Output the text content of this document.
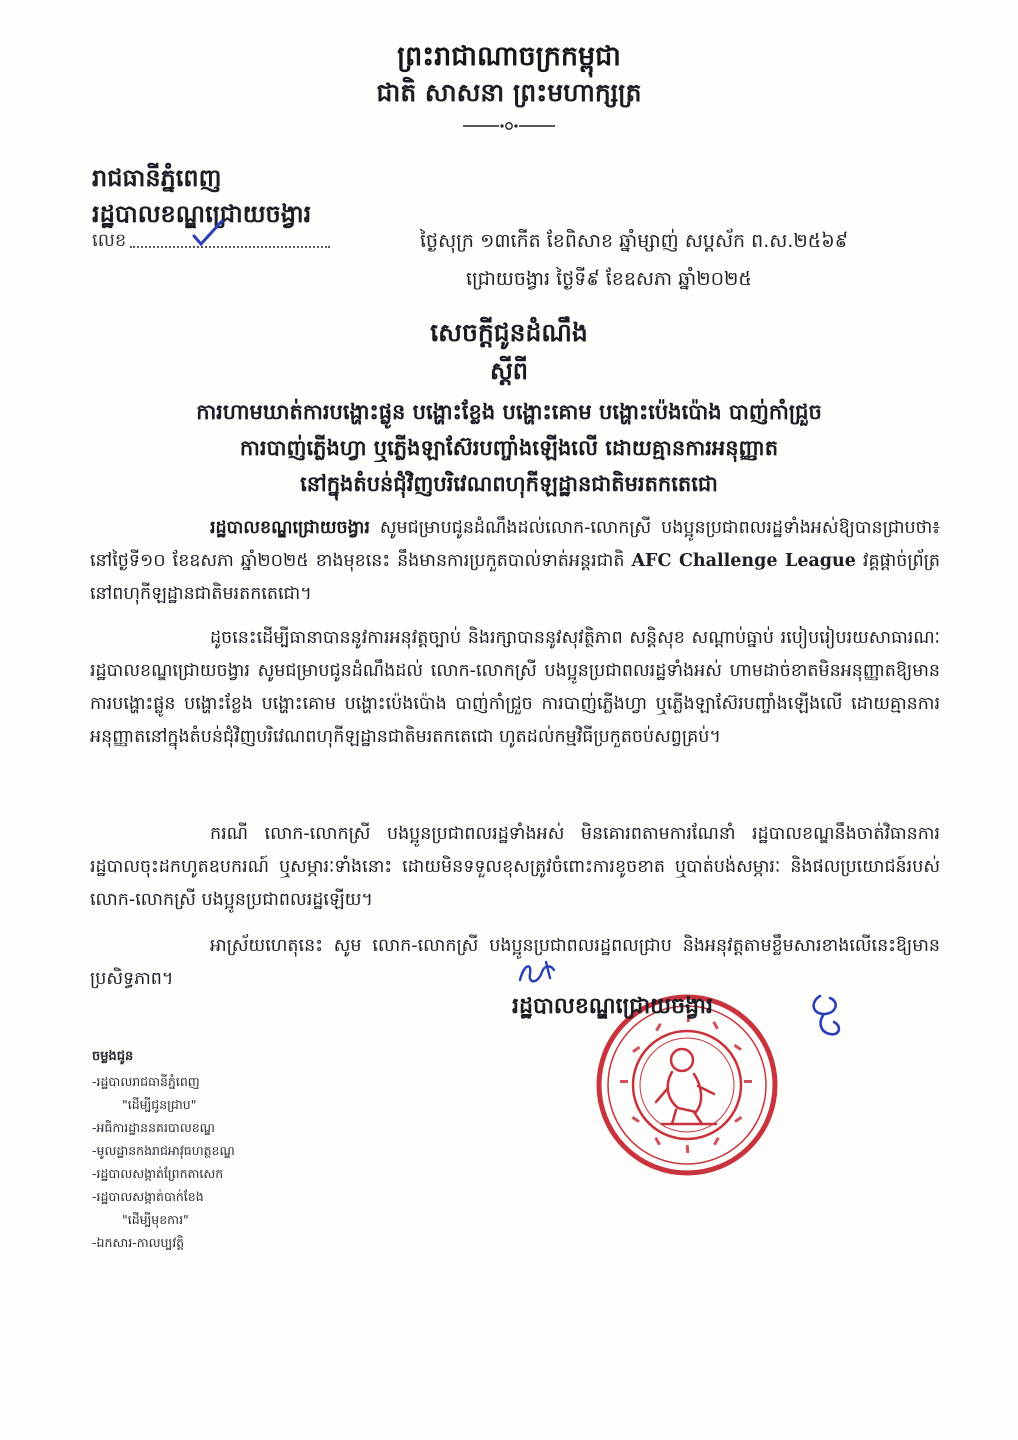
ព្រះរាជាណាចក្រកម្ពុជា
ជាតិ សាសនា ព្រះមហាក្សត្រ
រាជធានីភ្នំពេញ
រដ្ឋបាលខណ្ឌជ្រោយចង្វារ
លេខ	ថ្ងៃសុក្រ ១៣កើត ខែពិសាខ ឆ្នាំម្សាញ់ សប្តស័ក ព.ស.២៥៦៩
ជ្រោយចង្វារ ថ្ងៃទី៩ ខែឧសភា ឆ្នាំ២០២៥
សេចក្តីជូនដំណឹង
ស្តីពី
ការហាមឃាត់ការបង្ហោះផ្លូន បង្ហោះខ្លែង បង្ហោះគោម បង្ហោះប៉េងប៉ោង បាញ់កាំជ្រួច
ការបាញ់ភ្លើងហ្វា ឬភ្លើងឡាស៊ែរបញ្ចាំងឡើងលើ ដោយគ្មានការអនុញ្ញាត
នៅក្នុងតំបន់ជុំវិញបរិវេណពហុកីឡដ្ឋានជាតិមរតកតេជោ
រដ្ឋបាលខណ្ឌជ្រោយចង្វារ សូមជម្រាបជូនដំណឹងដល់លោក-លោកស្រី បងប្អូនប្រជាពលរដ្ឋទាំងអស់ឱ្យបានជ្រាបថា៖ នៅថ្ងៃទី១០ ខែឧសភា ឆ្នាំ២០២៥ ខាងមុខនេះ នឹងមានការប្រកួតបាល់ទាត់អន្តរជាតិ AFC Challenge League វគ្គផ្តាច់ព្រ័ត្រ នៅពហុកីឡដ្ឋានជាតិមរតកតេជោ។
ដូចនេះដើម្បីធានាបាននូវការអនុវត្តច្បាប់ និងរក្សាបាននូវសុវត្ថិភាព សន្តិសុខ សណ្តាប់ធ្នាប់ របៀបរៀបរយសាធារណៈ រដ្ឋបាលខណ្ឌជ្រោយចង្វារ សូមជម្រាបជូនដំណឹងដល់ លោក-លោកស្រី បងប្អូនប្រជាពលរដ្ឋទាំងអស់ ហាមដាច់ខាតមិនអនុញ្ញាតឱ្យមានការបង្ហោះផ្លូន បង្ហោះខ្លែង បង្ហោះគោម បង្ហោះប៉េងប៉ោង បាញ់កាំជ្រួច ការបាញ់ភ្លើងហ្វា ឬភ្លើងឡាស៊ែរបញ្ចាំងឡើងលើ ដោយគ្មានការអនុញ្ញាតនៅក្នុងតំបន់ជុំវិញបរិវេណពហុកីឡដ្ឋានជាតិមរតកតេជោ ហូតដល់កម្មវិធីប្រកួតចប់សព្វគ្រប់។
ករណី លោក-លោកស្រី បងប្អូនប្រជាពលរដ្ឋទាំងអស់ មិនគោរពតាមការណែនាំ រដ្ឋបាលខណ្ឌនឹងចាត់វិធានការរដ្ឋបាលចុះដកហូតឧបករណ៍ ឬសម្ភារៈទាំងនោះ ដោយមិនទទួលខុសត្រូវចំពោះការខូចខាត ឬបាត់បង់សម្ភារៈ និងផលប្រយោជន៍របស់លោក-លោកស្រី បងប្អូនប្រជាពលរដ្ឋឡើយ។
អាស្រ័យហេតុនេះ សូម លោក-លោកស្រី បងប្អូនប្រជាពលរដ្ឋពលជ្រាប និងអនុវត្តតាមខ្លឹមសារខាងលើនេះឱ្យមានប្រសិទ្ធភាព។
រដ្ឋបាលខណ្ឌជ្រោយចង្វារ
ចម្លងជូន
-រដ្ឋបាលរាជធានីភ្នំពេញ
"ដើម្បីជូនជ្រាប"
-អធិការដ្ឋាននគរបាលខណ្ឌ
-មូលដ្ឋានកងរាជអាវុធហត្ថខណ្ឌ
-រដ្ឋបាលសង្កាត់ព្រែកតាសេក
-រដ្ឋបាលសង្កាត់បាក់ខែង
"ដើម្បីមុខការ"
-ឯកសារ-កាលប្បវត្តិ
